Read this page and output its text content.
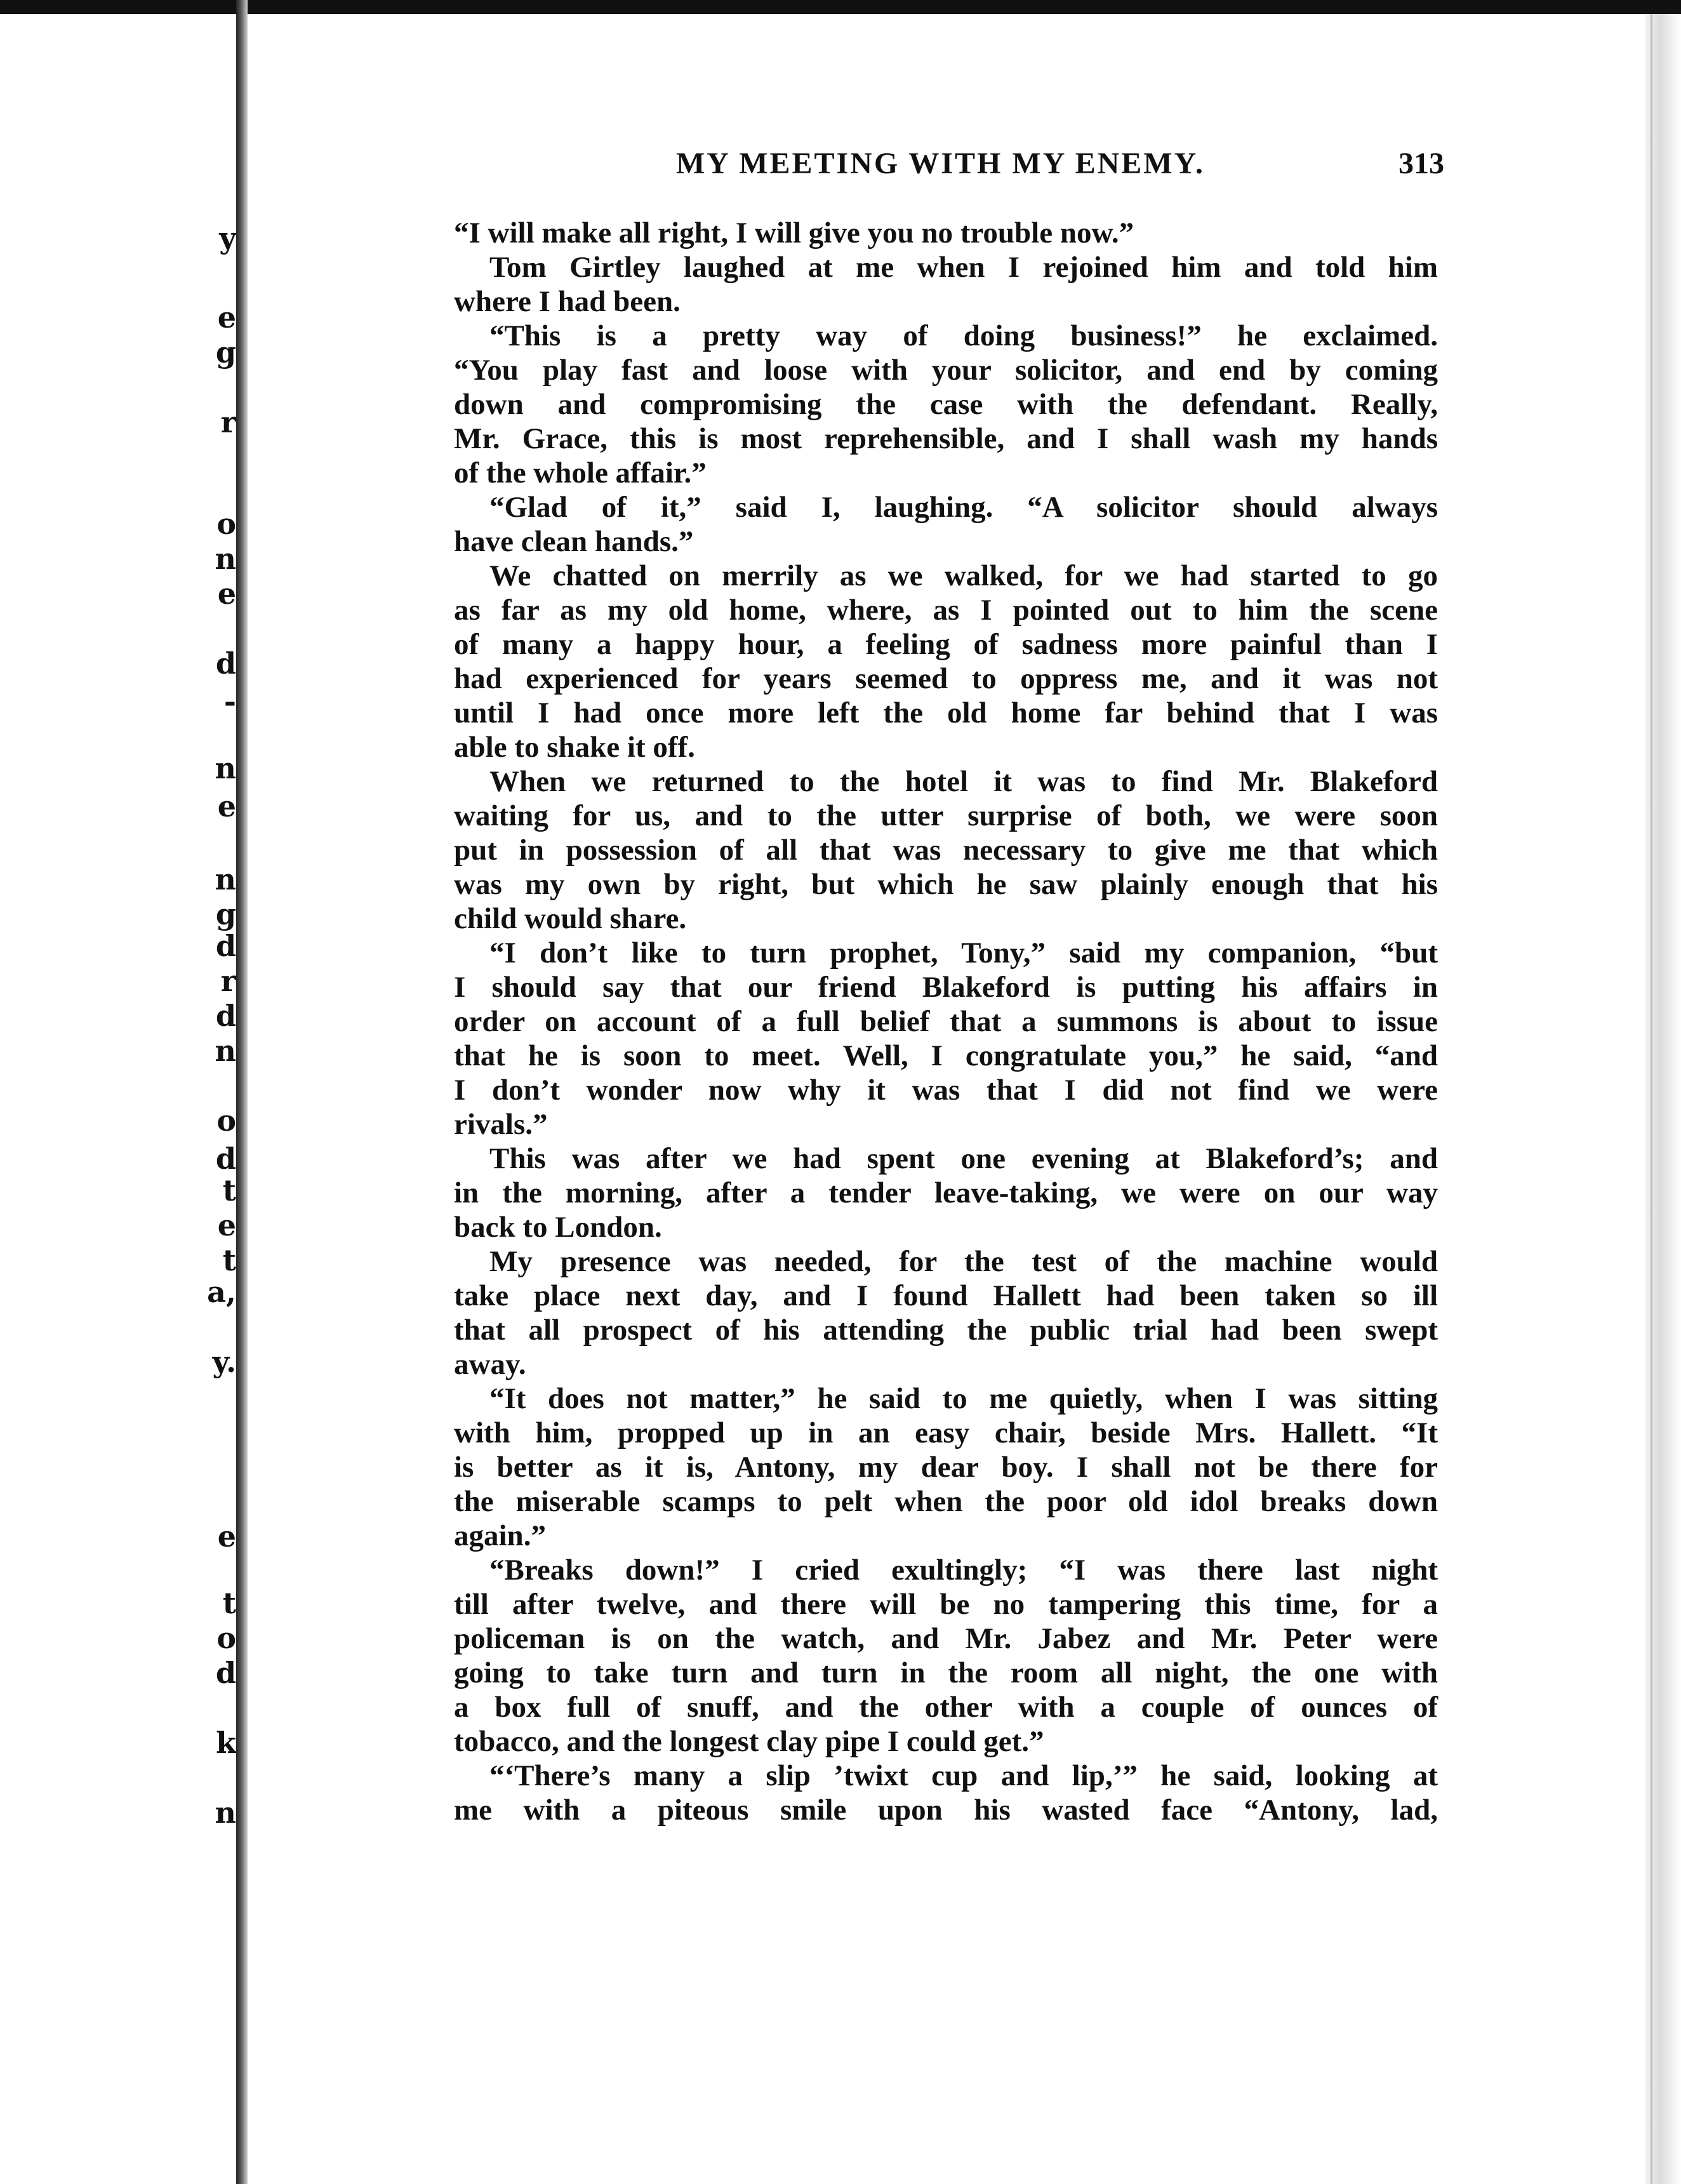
y
e
g
r
o
n
e
d
-
n
e
n
g
d
r
d
n
o
d
t
e
t
a,
y.
e
t
o
d
k
n
MY MEETING WITH MY ENEMY.	313
“I will make all right, I will give you no trouble now.”
Tom Girtley laughed at me when I rejoined him and told him
where I had been.
“This is a pretty way of doing business!” he exclaimed.
“You play fast and loose with your solicitor, and end by coming
down and compromising the case with the defendant. Really,
Mr. Grace, this is most reprehensible, and I shall wash my hands
of the whole affair.”
“Glad of it,” said I, laughing. “A solicitor should always
have clean hands.”
We chatted on merrily as we walked, for we had started to go
as far as my old home, where, as I pointed out to him the scene
of many a happy hour, a feeling of sadness more painful than I
had experienced for years seemed to oppress me, and it was not
until I had once more left the old home far behind that I was
able to shake it off.
When we returned to the hotel it was to find Mr. Blakeford
waiting for us, and to the utter surprise of both, we were soon
put in possession of all that was necessary to give me that which
was my own by right, but which he saw plainly enough that his
child would share.
“I don’t like to turn prophet, Tony,” said my companion, “but
I should say that our friend Blakeford is putting his affairs in
order on account of a full belief that a summons is about to issue
that he is soon to meet. Well, I congratulate you,” he said, “and
I don’t wonder now why it was that I did not find we were
rivals.”
This was after we had spent one evening at Blakeford’s; and
in the morning, after a tender leave-taking, we were on our way
back to London.
My presence was needed, for the test of the machine would
take place next day, and I found Hallett had been taken so ill
that all prospect of his attending the public trial had been swept
away.
“It does not matter,” he said to me quietly, when I was sitting
with him, propped up in an easy chair, beside Mrs. Hallett. “It
is better as it is, Antony, my dear boy. I shall not be there for
the miserable scamps to pelt when the poor old idol breaks down
again.”
“Breaks down!” I cried exultingly; “I was there last night
till after twelve, and there will be no tampering this time, for a
policeman is on the watch, and Mr. Jabez and Mr. Peter were
going to take turn and turn in the room all night, the one with
a box full of snuff, and the other with a couple of ounces of
tobacco, and the longest clay pipe I could get.”
“‘There’s many a slip ’twixt cup and lip,’” he said, looking at
me with a piteous smile upon his wasted face “Antony, lad,
